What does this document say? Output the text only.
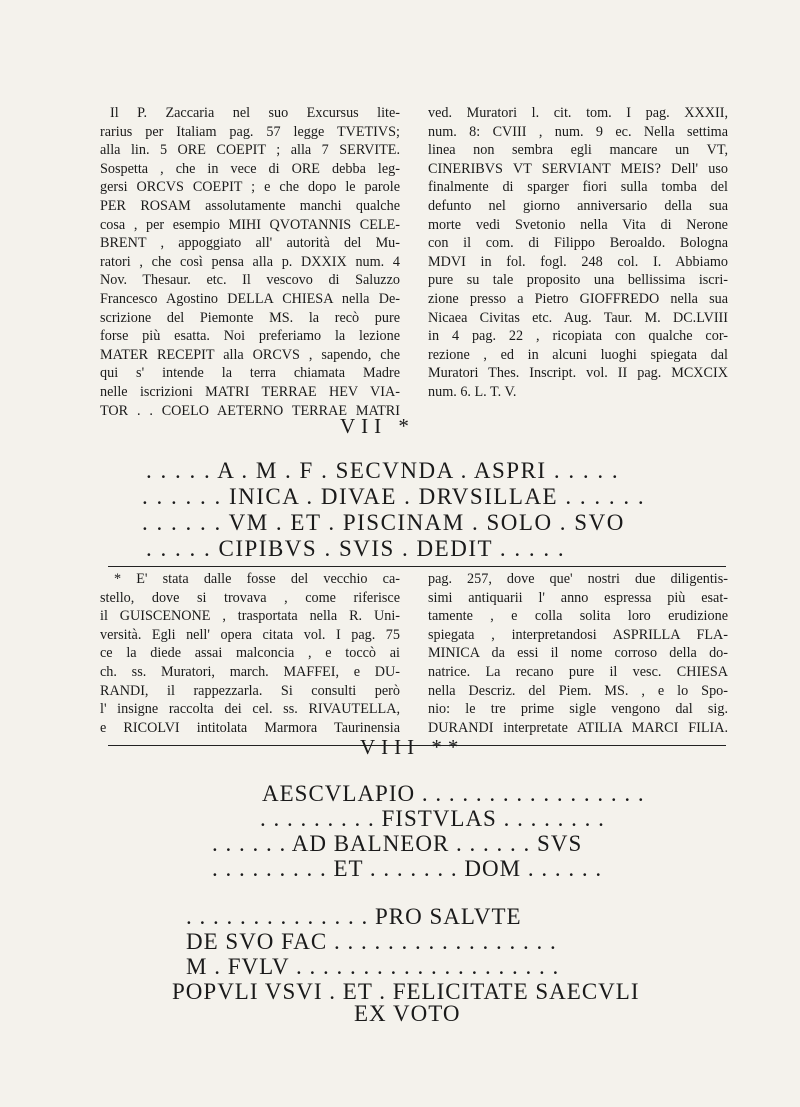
Il P. Zaccaria nel suo Excursus lite-
rarius per Italiam pag. 57 legge TVETIVS;
alla lin. 5 ORE COEPIT ; alla 7 SERVITE.
Sospetta , che in vece di ORE debba leg-
gersi ORCVS COEPIT ; e che dopo le parole
PER ROSAM assolutamente manchi qualche
cosa , per esempio MIHI QVOTANNIS CELE-
BRENT , appoggiato all' autorità del Mu-
ratori , che così pensa alla p. DXXIX num. 4
Nov. Thesaur. etc. Il vescovo di Saluzzo
Francesco Agostino DELLA CHIESA nella De-
scrizione del Piemonte MS. la recò pure
forse più esatta. Noi preferiamo la lezione
MATER RECEPIT alla ORCVS , sapendo, che
qui s' intende la terra chiamata Madre
nelle iscrizioni MATRI TERRAE HEV VIA-
TOR . . COELO AETERNO TERRAE MATRI
ved. Muratori l. cit. tom. I pag. XXXII,
num. 8: CVIII , num. 9 ec. Nella settima
linea non sembra egli mancare un VT,
CINERIBVS VT SERVIANT MEIS? Dell' uso
finalmente di sparger fiori sulla tomba del
defunto nel giorno anniversario della sua
morte vedi Svetonio nella Vita di Nerone
con il com. di Filippo Beroaldo. Bologna
MDVI in fol. fogl. 248 col. I. Abbiamo
pure su tale proposito una bellissima iscri-
zione presso a Pietro GIOFFREDO nella sua
Nicaea Civitas etc. Aug. Taur. M. DC.LVIII
in 4 pag. 22 , ricopiata con qualche cor-
rezione , ed in alcuni luoghi spiegata dal
Muratori Thes. Inscript. vol. II pag. MCXCIX
num. 6. L. T. V.
VII *
. . . . . A . M . F . SECVNDA . ASPRI . . . . .
. . . . . . INICA . DIVAE . DRVSILLAE . . . . . .
. . . . . . VM . ET . PISCINAM . SOLO . SVO
. . . . . CIPIBVS . SVIS . DEDIT . . . . .
* E' stata dalle fosse del vecchio ca-
stello, dove si trovava , come riferisce
il GUISCENONE , trasportata nella R. Uni-
versità. Egli nell' opera citata vol. I pag. 75
ce la diede assai malconcia , e toccò ai
ch. ss. Muratori, march. MAFFEI, e DU-
RANDI, il rappezzarla. Si consulti però
l' insigne raccolta dei cel. ss. RIVAUTELLA,
e RICOLVI intitolata Marmora Taurinensia
pag. 257, dove que' nostri due diligentis-
simi antiquarii l' anno espressa più esat-
tamente , e colla solita loro erudizione
spiegata , interpretandosi ASPRILLA FLA-
MINICA da essi il nome corroso della do-
natrice. La recano pure il vesc. CHIESA
nella Descriz. del Piem. MS. , e lo Spo-
nio: le tre prime sigle vengono dal sig.
DURANDI interpretate ATILIA MARCI FILIA.
VIII **
AESCVLAPIO . . . . . . . . . . . . . . . . .
. . . . . . . . . FISTVLAS . . . . . . . .
. . . . . . AD BALNEOR . . . . . . SVS
. . . . . . . . . ET . . . . . . . DOM . . . . . .
. . . . . . . . . . . . . . PRO SALVTE
DE SVO FAC . . . . . . . . . . . . . . . . .
M . FVLV . . . . . . . . . . . . . . . . . . . .
POPVLI VSVI . ET . FELICITATE SAECVLI
EX VOTO
